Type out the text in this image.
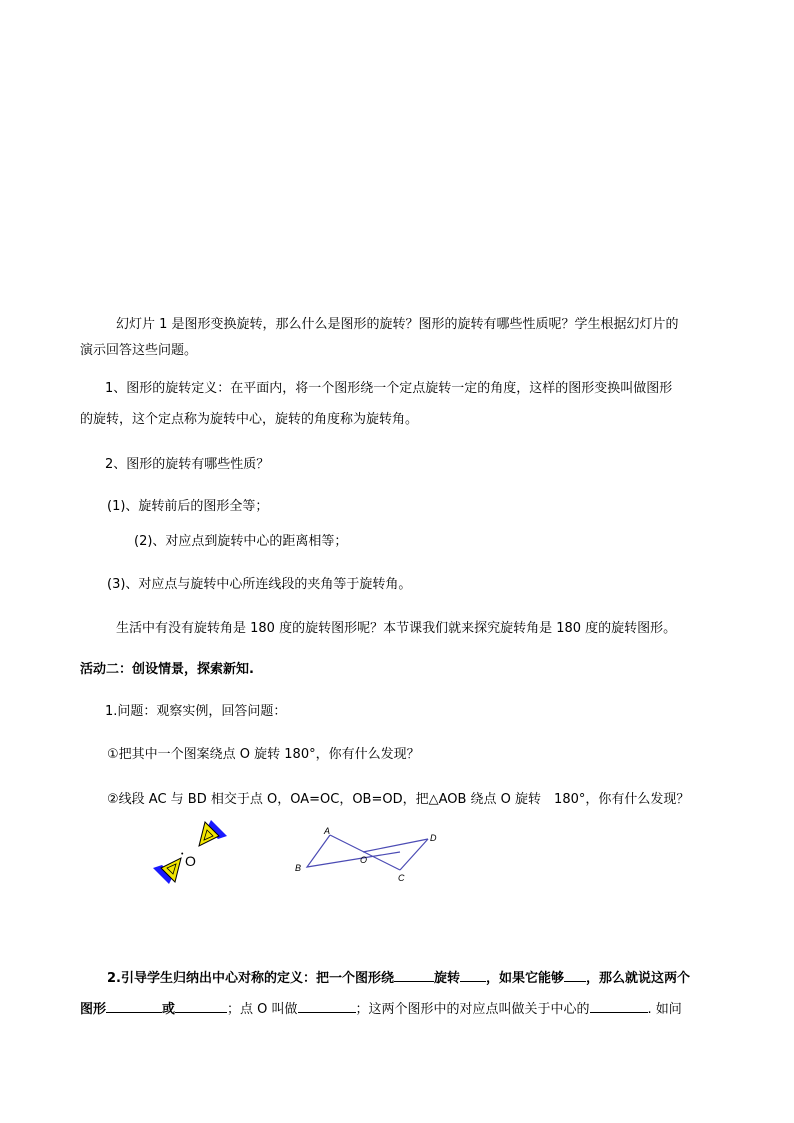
幻灯片 1 是图形变换旋转，那么什么是图形的旋转？图形的旋转有哪些性质呢？学生根据幻灯片的
演示回答这些问题。
1、图形的旋转定义：在平面内，将一个图形绕一个定点旋转一定的角度，这样的图形变换叫做图形
的旋转，这个定点称为旋转中心，旋转的角度称为旋转角。
2、图形的旋转有哪些性质？
(1)、旋转前后的图形全等；
(2)、对应点到旋转中心的距离相等；
(3)、对应点与旋转中心所连线段的夹角等于旋转角。
生活中有没有旋转角是 180 度的旋转图形呢？本节课我们就来探究旋转角是 180 度的旋转图形。
活动二：创设情景，探索新知.
1.问题：观察实例，回答问题：
①把其中一个图案绕点 O 旋转 180°，你有什么发现？
②线段 AC 与 BD 相交于点 O，OA=OC，OB=OD，把△AOB 绕点 O 旋转　180°，你有什么发现？
• O
A
B
O
C
D
2.引导学生归纳出中心对称的定义：把一个图形绕	旋转 ，如果它能够 ，那么就说这两个
图形	或	；点 O 叫做	；这两个图形中的对应点叫做关于中心的	. 如问
